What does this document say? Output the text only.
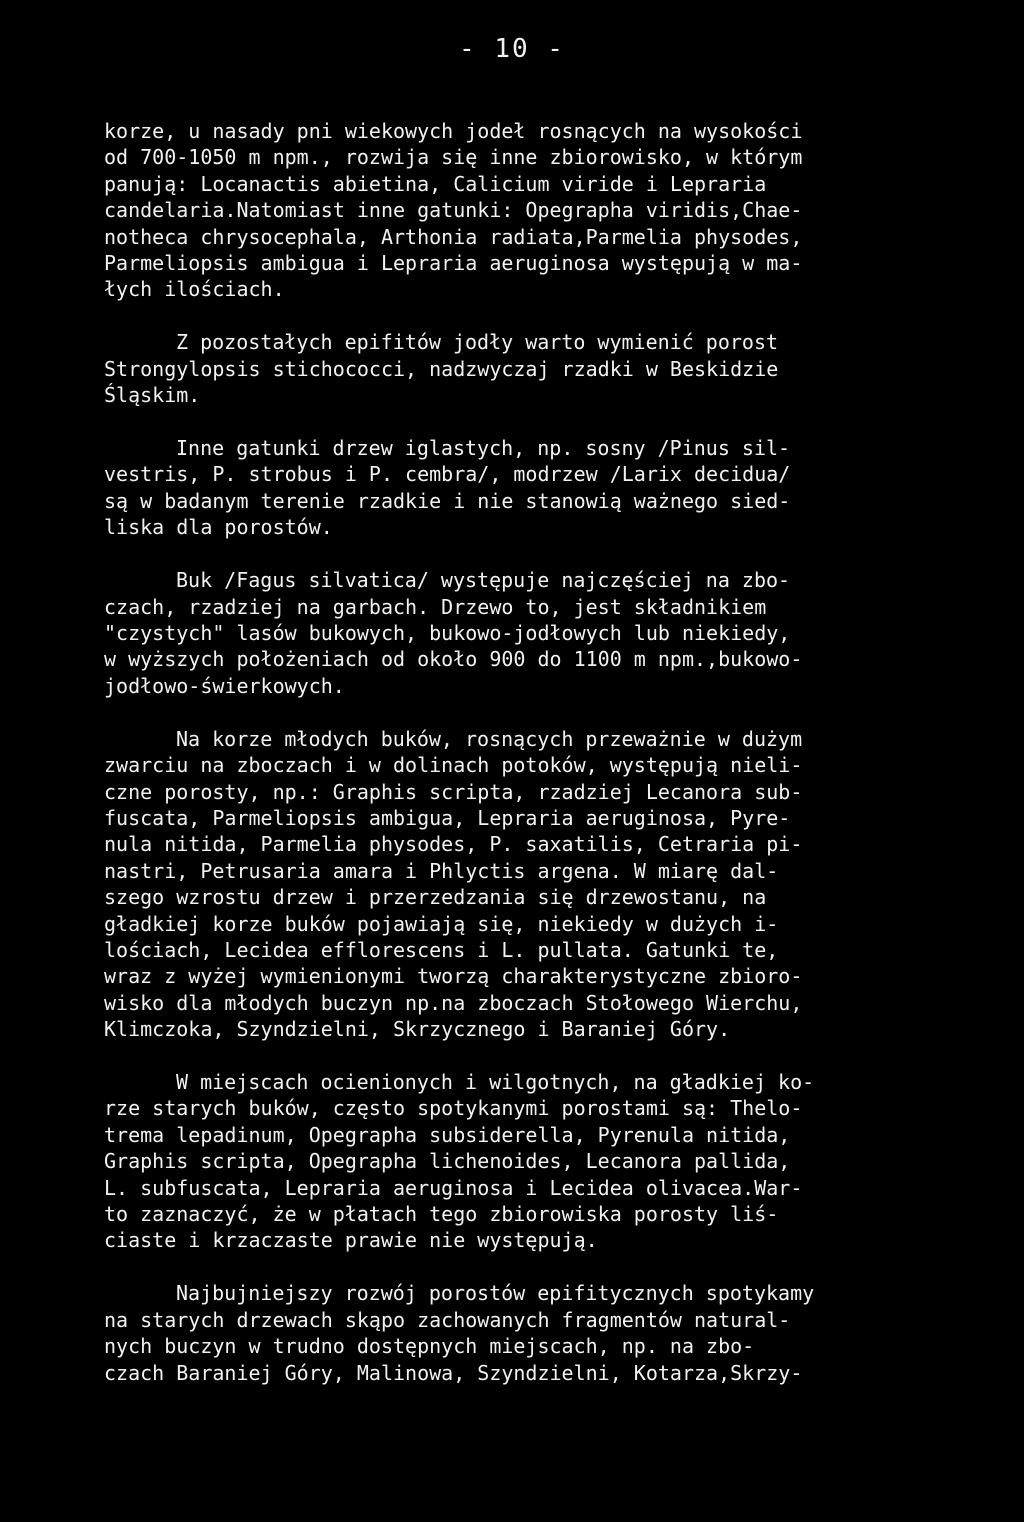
- 10 -
korze, u nasady pni wiekowych jodeł rosnących na wysokości
od 700-1050 m npm., rozwija się inne zbiorowisko, w którym
panują: Locanactis abietina, Calicium viride i Lepraria
candelaria.Natomiast inne gatunki: Opegrapha viridis,Chae-
notheca chrysocephala, Arthonia radiata,Parmelia physodes,
Parmeliopsis ambigua i Lepraria aeruginosa występują w ma-
łych ilościach.
Z pozostałych epifitów jodły warto wymienić porost
Strongylopsis stichococci, nadzwyczaj rzadki w Beskidzie
Śląskim.
Inne gatunki drzew iglastych, np. sosny /Pinus sil-
vestris, P. strobus i P. cembra/, modrzew /Larix decidua/
są w badanym terenie rzadkie i nie stanowią ważnego sied-
liska dla porostów.
Buk /Fagus silvatica/ występuje najczęściej na zbo-
czach, rzadziej na garbach. Drzewo to, jest składnikiem
"czystych" lasów bukowych, bukowo-jodłowych lub niekiedy,
w wyższych położeniach od około 900 do 1100 m npm.,bukowo-
jodłowo-świerkowych.
Na korze młodych buków, rosnących przeważnie w dużym
zwarciu na zboczach i w dolinach potoków, występują nieli-
czne porosty, np.: Graphis scripta, rzadziej Lecanora sub-
fuscata, Parmeliopsis ambigua, Lepraria aeruginosa, Pyre-
nula nitida, Parmelia physodes, P. saxatilis, Cetraria pi-
nastri, Petrusaria amara i Phlyctis argena. W miarę dal-
szego wzrostu drzew i przerzedzania się drzewostanu, na
gładkiej korze buków pojawiają się, niekiedy w dużych i-
lościach, Lecidea efflorescens i L. pullata. Gatunki te,
wraz z wyżej wymienionymi tworzą charakterystyczne zbioro-
wisko dla młodych buczyn np.na zboczach Stołowego Wierchu,
Klimczoka, Szyndzielni, Skrzycznego i Baraniej Góry.
W miejscach ocienionych i wilgotnych, na gładkiej ko-
rze starych buków, często spotykanymi porostami są: Thelo-
trema lepadinum, Opegrapha subsiderella, Pyrenula nitida,
Graphis scripta, Opegrapha lichenoides, Lecanora pallida,
L. subfuscata, Lepraria aeruginosa i Lecidea olivacea.War-
to zaznaczyć, że w płatach tego zbiorowiska porosty liś-
ciaste i krzaczaste prawie nie występują.
Najbujniejszy rozwój porostów epifitycznych spotykamy
na starych drzewach skąpo zachowanych fragmentów natural-
nych buczyn w trudno dostępnych miejscach, np. na zbo-
czach Baraniej Góry, Malinowa, Szyndzielni, Kotarza,Skrzy-
